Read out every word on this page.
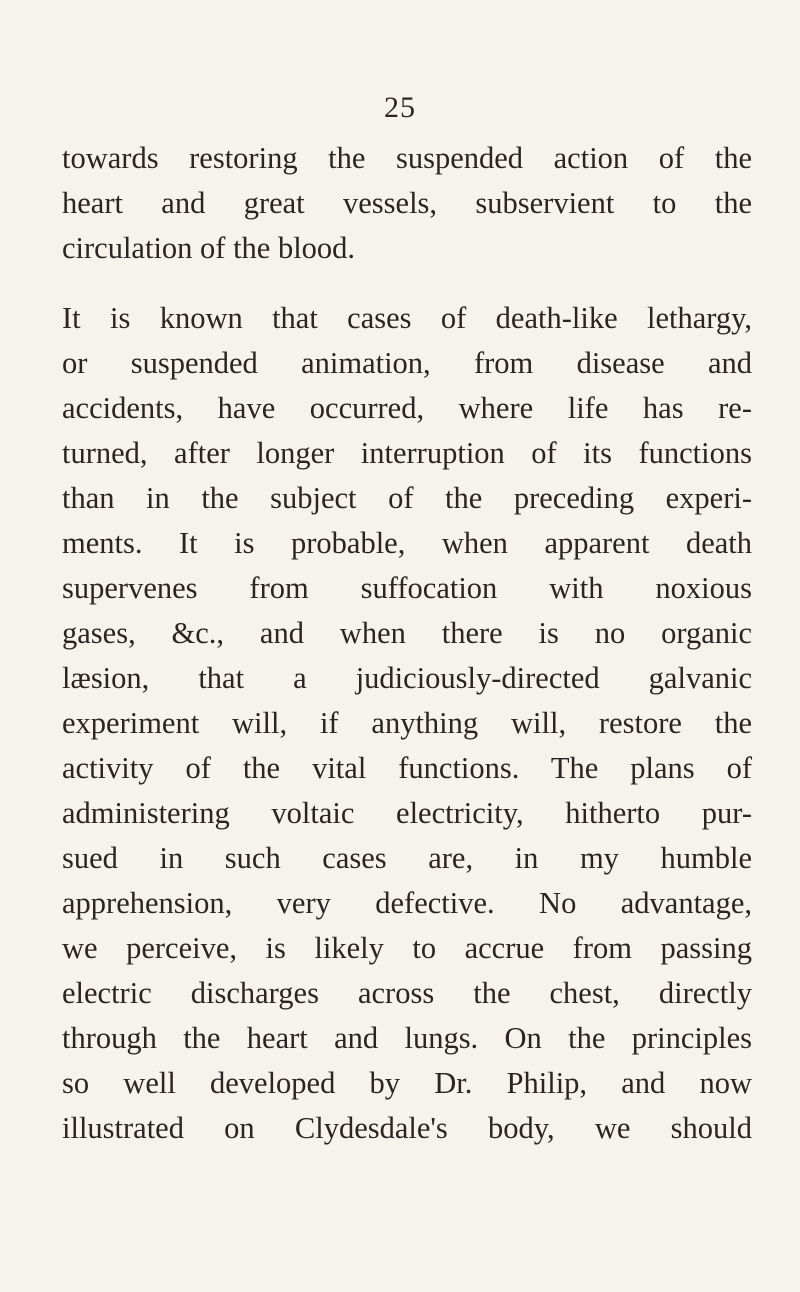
25
towards restoring the suspended action of the
heart and great vessels, subservient to the
circulation of the blood.
It is known that cases of death-like lethargy,
or suspended animation, from disease and
accidents, have occurred, where life has re-
turned, after longer interruption of its functions
than in the subject of the preceding experi-
ments. It is probable, when apparent death
supervenes from suffocation with noxious
gases, &c., and when there is no organic
læsion, that a judiciously-directed galvanic
experiment will, if anything will, restore the
activity of the vital functions. The plans of
administering voltaic electricity, hitherto pur-
sued in such cases are, in my humble
apprehension, very defective. No advantage,
we perceive, is likely to accrue from passing
electric discharges across the chest, directly
through the heart and lungs. On the principles
so well developed by Dr. Philip, and now
illustrated on Clydesdale's body, we should
